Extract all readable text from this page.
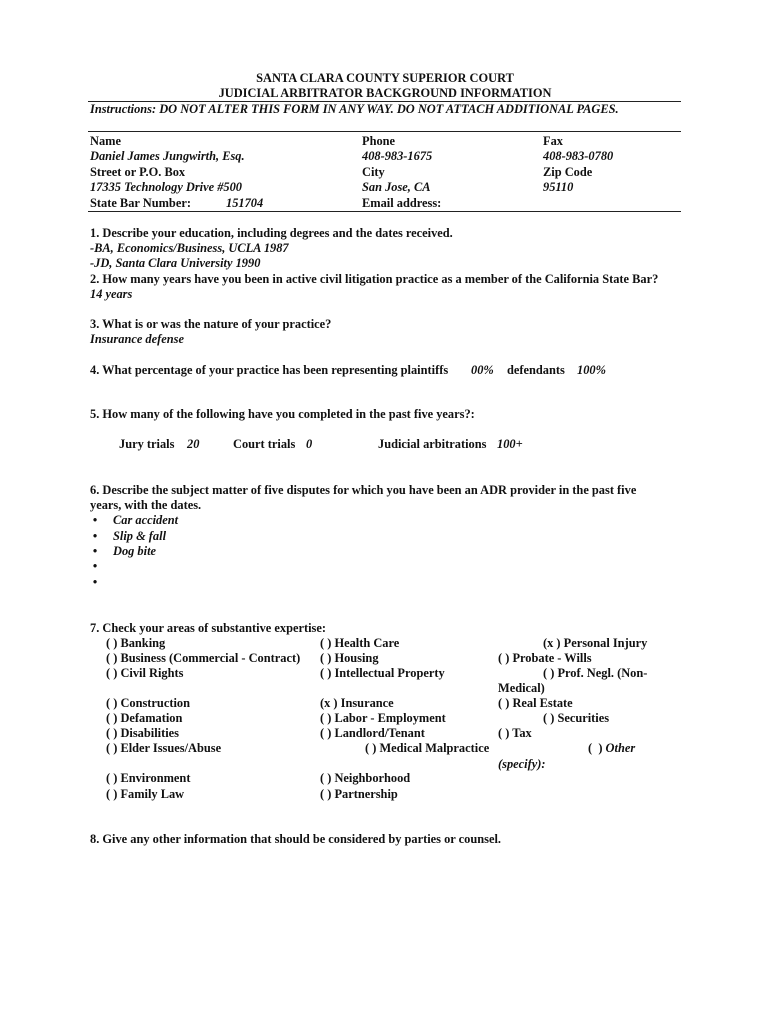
SANTA CLARA COUNTY SUPERIOR COURT
JUDICIAL ARBITRATOR BACKGROUND INFORMATION
Instructions: DO NOT ALTER THIS FORM IN ANY WAY. DO NOT ATTACH ADDITIONAL PAGES.
Name	Phone	Fax
Daniel James Jungwirth, Esq.	408-983-1675	408-983-0780
Street or P.O. Box	City	Zip Code
17335 Technology Drive #500	San Jose, CA	95110
State Bar Number:	151704	Email address:
1. Describe your education, including degrees and the dates received.
-BA, Economics/Business, UCLA 1987
-JD, Santa Clara University 1990
2. How many years have you been in active civil litigation practice as a member of the California State Bar?
14 years
3. What is or was the nature of your practice?
Insurance defense
4. What percentage of your practice has been representing plaintiffs 00% defendants 100%
5. How many of the following have you completed in the past five years?:
Jury trials 20	Court trials 0	Judicial arbitrations 100+
6. Describe the subject matter of five disputes for which you have been an ADR provider in the past five
years, with the dates.
• Car accident
• Slip & fall
• Dog bite
•
•
7. Check your areas of substantive expertise:
( ) Banking	( ) Health Care	(x ) Personal Injury
( ) Business (Commercial - Contract) ( ) Housing	( ) Probate - Wills
( ) Civil Rights	( ) Intellectual Property	( ) Prof. Negl. (Non-
Medical)
( ) Construction	(x ) Insurance	( ) Real Estate
( ) Defamation	( ) Labor - Employment	( ) Securities
( ) Disabilities	( ) Landlord/Tenant	( ) Tax
( ) Elder Issues/Abuse	( ) Medical Malpractice	(  ) Other
(specify):
( ) Environment	( ) Neighborhood
( ) Family Law	( ) Partnership
8. Give any other information that should be considered by parties or counsel.
